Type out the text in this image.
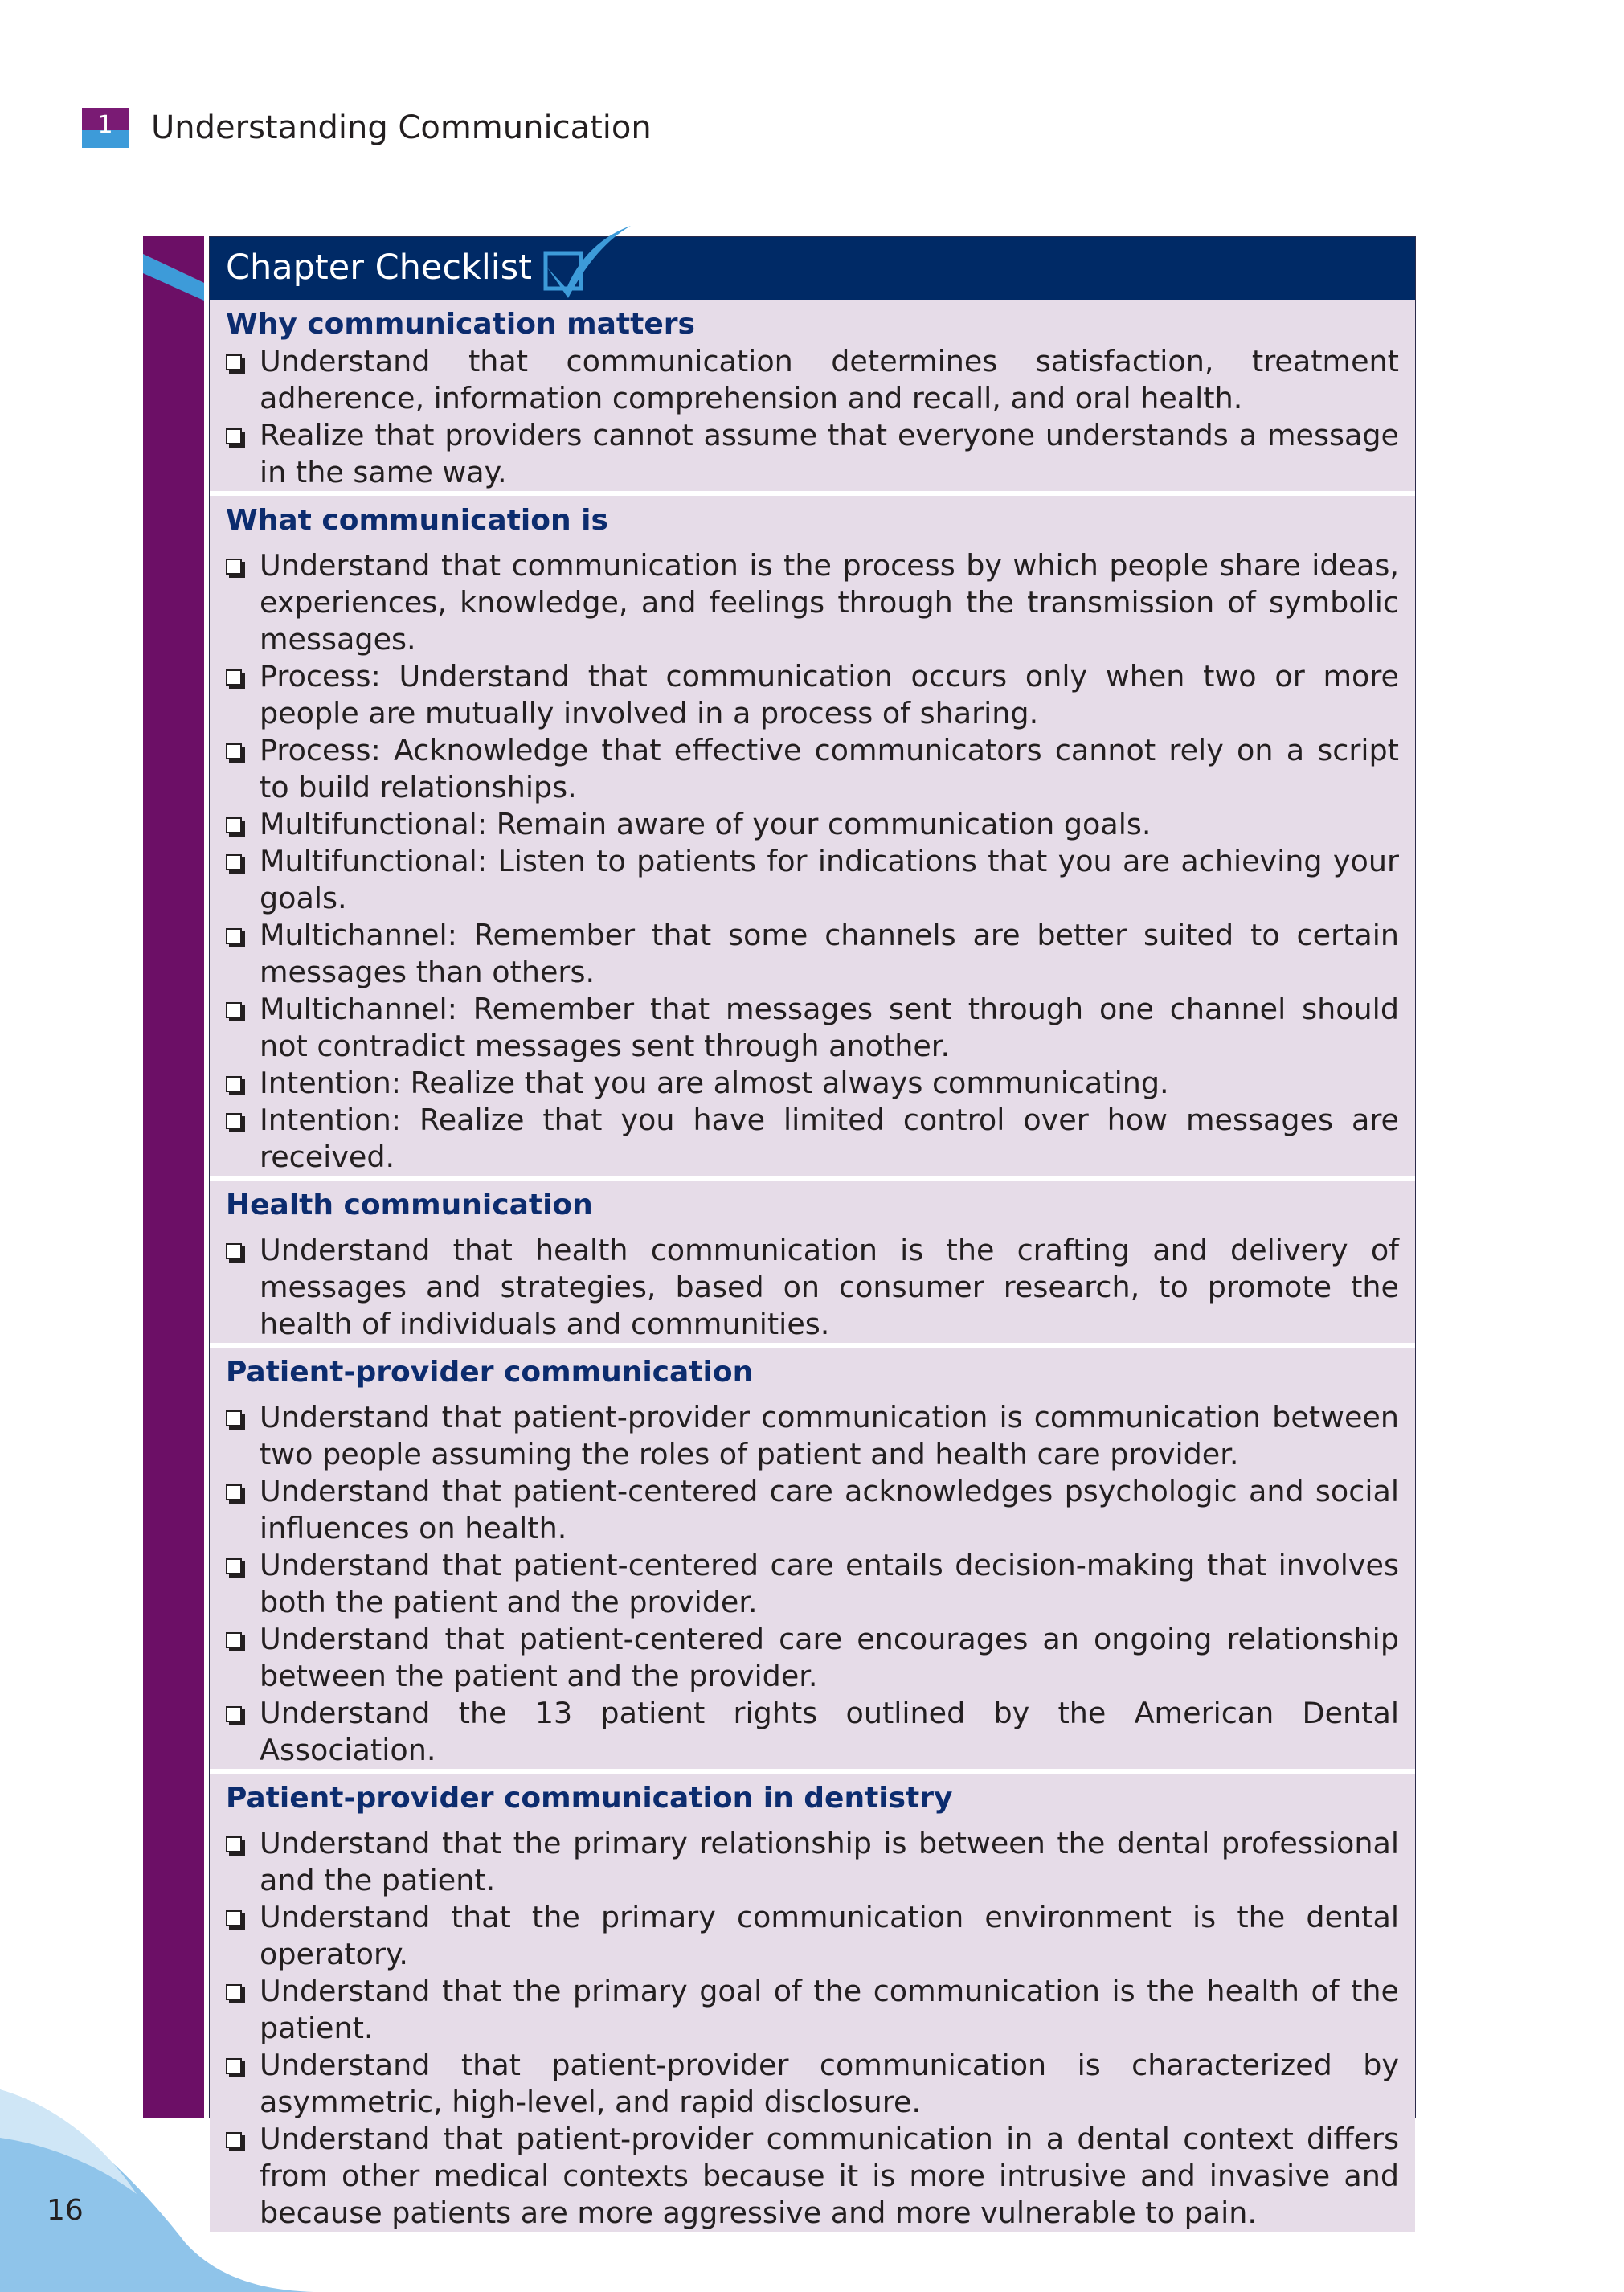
1	Understanding Communication
Chapter Checklist
Why communication matters
Understand that communication determines satisfaction, treatment adherence, information comprehension and recall, and oral health.
Realize that providers cannot assume that everyone understands a message in the same way.
What communication is
Understand that communication is the process by which people share ideas, experiences, knowledge, and feelings through the transmission of symbolic messages.
Process: Understand that communication occurs only when two or more people are mutually involved in a process of sharing.
Process: Acknowledge that effective communicators cannot rely on a script to build relationships.
Multifunctional: Remain aware of your communication goals.
Multifunctional: Listen to patients for indications that you are achieving your goals.
Multichannel: Remember that some channels are better suited to certain messages than others.
Multichannel: Remember that messages sent through one channel should not contradict messages sent through another.
Intention: Realize that you are almost always communicating.
Intention: Realize that you have limited control over how messages are received.
Health communication
Understand that health communication is the crafting and delivery of messages and strategies, based on consumer research, to promote the health of individuals and communities.
Patient-provider communication
Understand that patient-provider communication is communication between two people assuming the roles of patient and health care provider.
Understand that patient-centered care acknowledges psychologic and social influences on health.
Understand that patient-centered care entails decision-making that involves both the patient and the provider.
Understand that patient-centered care encourages an ongoing relationship between the patient and the provider.
Understand the 13 patient rights outlined by the American Dental Association.
Patient-provider communication in dentistry
Understand that the primary relationship is between the dental professional and the patient.
Understand that the primary communication environment is the dental operatory.
Understand that the primary goal of the communication is the health of the patient.
Understand that patient-provider communication is characterized by asymmetric, high-level, and rapid disclosure.
Understand that patient-provider communication in a dental context differs from other medical contexts because it is more intrusive and invasive and because patients are more aggressive and more vulnerable to pain.
16
